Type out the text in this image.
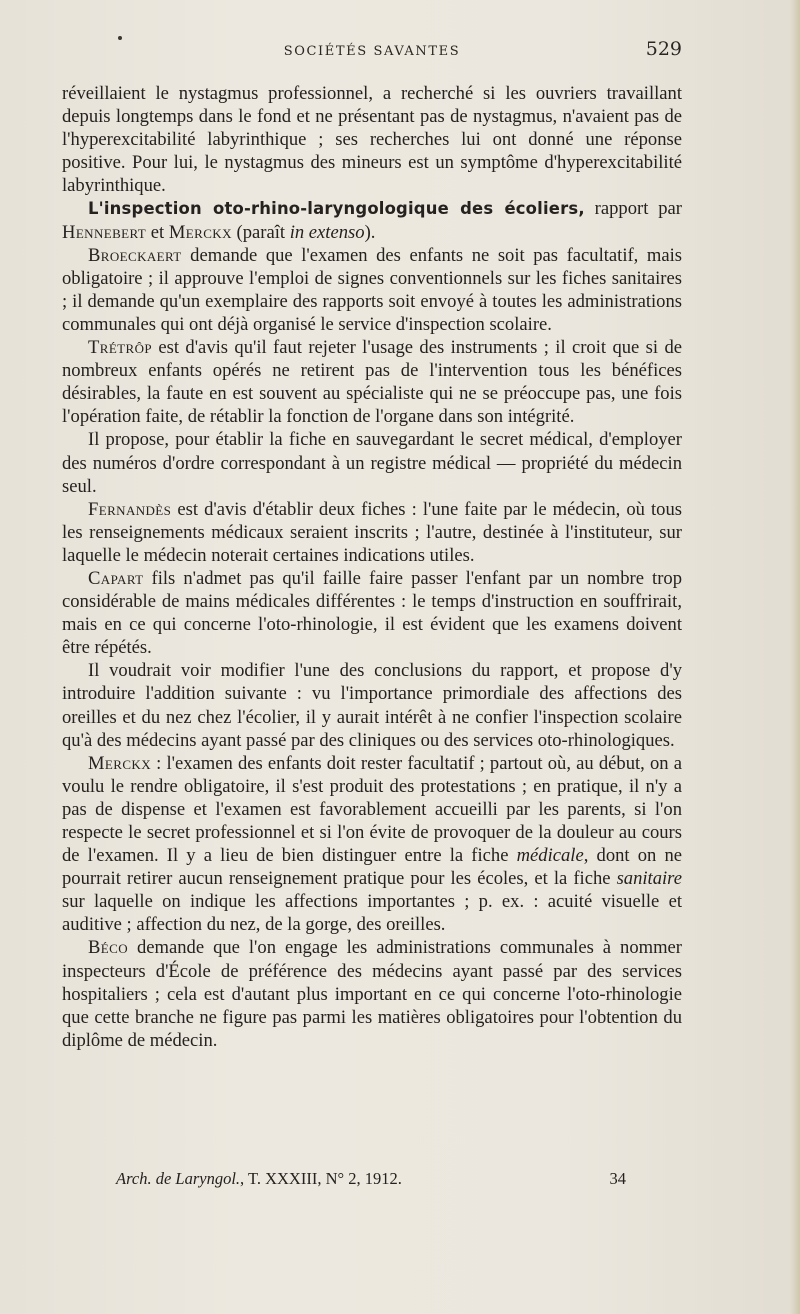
SOCIÉTÉS SAVANTES	529

réveillaient le nystagmus professionnel, a recherché si les ouvriers travaillant depuis longtemps dans le fond et ne présentant pas de nystagmus, n'avaient pas de l'hyperexcitabilité labyrinthique ; ses recherches lui ont donné une réponse positive. Pour lui, le nystagmus des mineurs est un symptôme d'hyperexcitabilité labyrinthique.

L'inspection oto-rhino-laryngologique des écoliers, rapport par Hennebert et Merckx (paraît in extenso).

Broeckaert demande que l'examen des enfants ne soit pas facultatif, mais obligatoire ; il approuve l'emploi de signes conventionnels sur les fiches sanitaires ; il demande qu'un exemplaire des rapports soit envoyé à toutes les administrations communales qui ont déjà organisé le service d'inspection scolaire.

Trétrôp est d'avis qu'il faut rejeter l'usage des instruments ; il croit que si de nombreux enfants opérés ne retirent pas de l'intervention tous les bénéfices désirables, la faute en est souvent au spécialiste qui ne se préoccupe pas, une fois l'opération faite, de rétablir la fonction de l'organe dans son intégrité.

Il propose, pour établir la fiche en sauvegardant le secret médical, d'employer des numéros d'ordre correspondant à un registre médical — propriété du médecin seul.

Fernandès est d'avis d'établir deux fiches : l'une faite par le médecin, où tous les renseignements médicaux seraient inscrits ; l'autre, destinée à l'instituteur, sur laquelle le médecin noterait certaines indications utiles.

Capart fils n'admet pas qu'il faille faire passer l'enfant par un nombre trop considérable de mains médicales différentes : le temps d'instruction en souffrirait, mais en ce qui concerne l'oto-rhinologie, il est évident que les examens doivent être répétés.

Il voudrait voir modifier l'une des conclusions du rapport, et propose d'y introduire l'addition suivante : vu l'importance primordiale des affections des oreilles et du nez chez l'écolier, il y aurait intérêt à ne confier l'inspection scolaire qu'à des médecins ayant passé par des cliniques ou des services oto-rhinologiques.

Merckx : l'examen des enfants doit rester facultatif ; partout où, au début, on a voulu le rendre obligatoire, il s'est produit des protestations ; en pratique, il n'y a pas de dispense et l'examen est favorablement accueilli par les parents, si l'on respecte le secret professionnel et si l'on évite de provoquer de la douleur au cours de l'examen. Il y a lieu de bien distinguer entre la fiche médicale, dont on ne pourrait retirer aucun renseignement pratique pour les écoles, et la fiche sanitaire sur laquelle on indique les affections importantes ; p. ex. : acuité visuelle et auditive ; affection du nez, de la gorge, des oreilles.

Béco demande que l'on engage les administrations communales à nommer inspecteurs d'École de préférence des médecins ayant passé par des services hospitaliers ; cela est d'autant plus important en ce qui concerne l'oto-rhinologie que cette branche ne figure pas parmi les matières obligatoires pour l'obtention du diplôme de médecin.

Arch. de Laryngol., T. XXXIII, N° 2, 1912.	34
